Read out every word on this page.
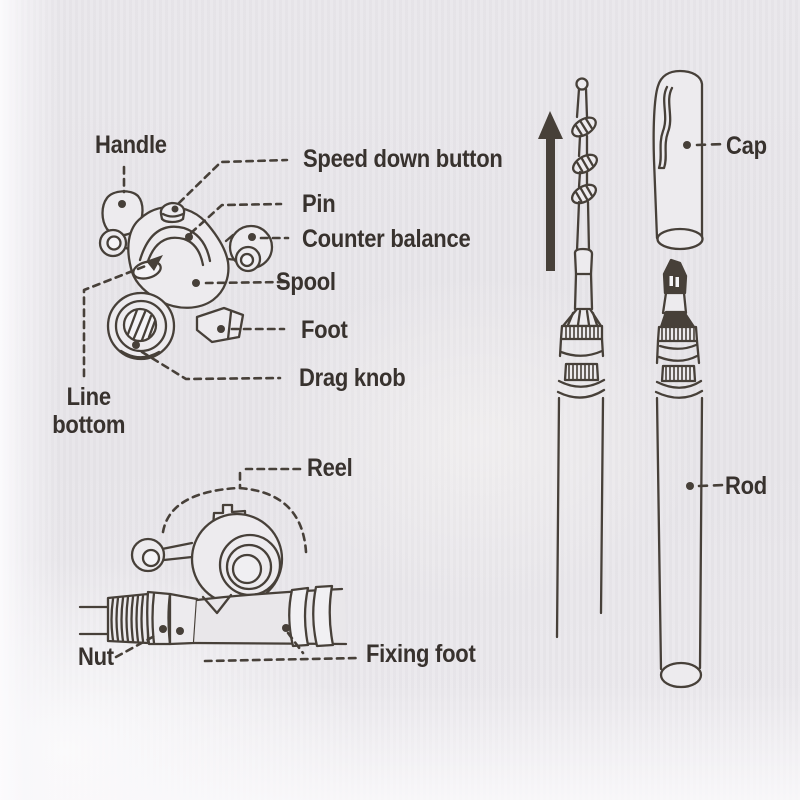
Handle	Speed down button
Pin
Counter balance
Spool
Foot
Drag knob
Line
bottom
Reel
Nut	Fixing foot
Cap
Rod
